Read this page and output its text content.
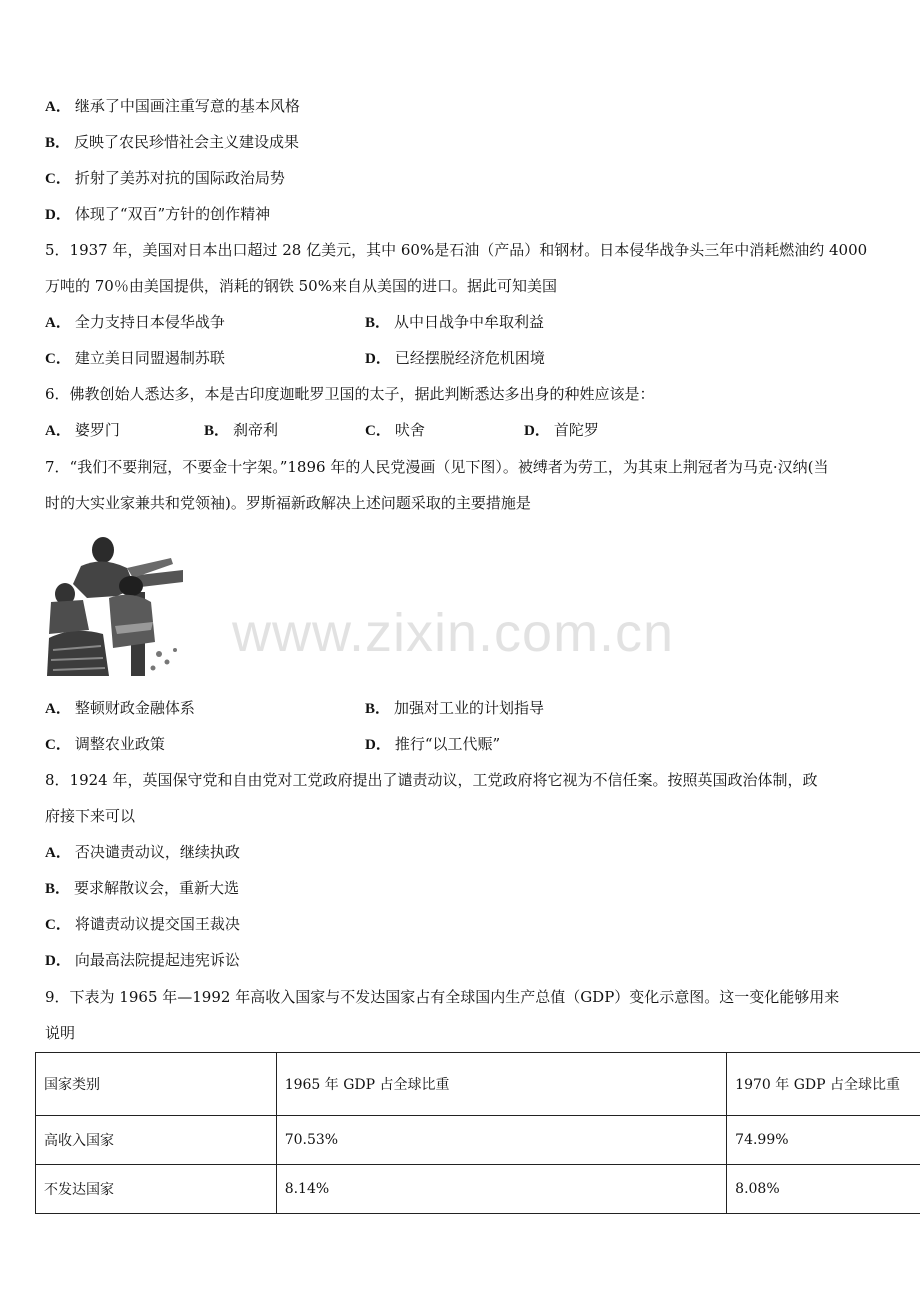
A． 继承了中国画注重写意的基本风格
B． 反映了农民珍惜社会主义建设成果
C． 折射了美苏对抗的国际政治局势
D． 体现了“双百”方针的创作精神
5．1937 年，美国对日本出口超过 28 亿美元，其中 60%是石油（产品）和钢材。日本侵华战争头三年中消耗燃油约 4000
万吨的 70％由美国提供，消耗的钢铁 50%来自从美国的进口。据此可知美国
A． 全力支持日本侵华战争	B． 从中日战争中牟取利益
C． 建立美日同盟遏制苏联	D． 已经摆脱经济危机困境
6．佛教创始人悉达多，本是古印度迦毗罗卫国的太子，据此判断悉达多出身的种姓应该是：
A． 婆罗门	B． 刹帝利	C． 吠舍	D． 首陀罗
7．“我们不要荆冠，不要金十字架。”1896 年的人民党漫画（见下图）。被缚者为劳工，为其束上荆冠者为马克·汉纳(当
时的大实业家兼共和党领袖)。罗斯福新政解决上述问题采取的主要措施是
www.zixin.com.cn
A． 整顿财政金融体系	B． 加强对工业的计划指导
C． 调整农业政策	D． 推行“以工代赈”
8．1924 年，英国保守党和自由党对工党政府提出了谴责动议，工党政府将它视为不信任案。按照英国政治体制，政
府接下来可以
A． 否决谴责动议，继续执政
B． 要求解散议会，重新大选
C． 将谴责动议提交国王裁决
D． 向最高法院提起违宪诉讼
9．下表为 1965 年—1992 年高收入国家与不发达国家占有全球国内生产总值（GDP）变化示意图。这一变化能够用来
说明
国家类别	1965 年 GDP 占全球比重	1970 年 GDP 占全球比重
高收入国家	70.53%	74.99%
不发达国家	8.14%	8.08%
